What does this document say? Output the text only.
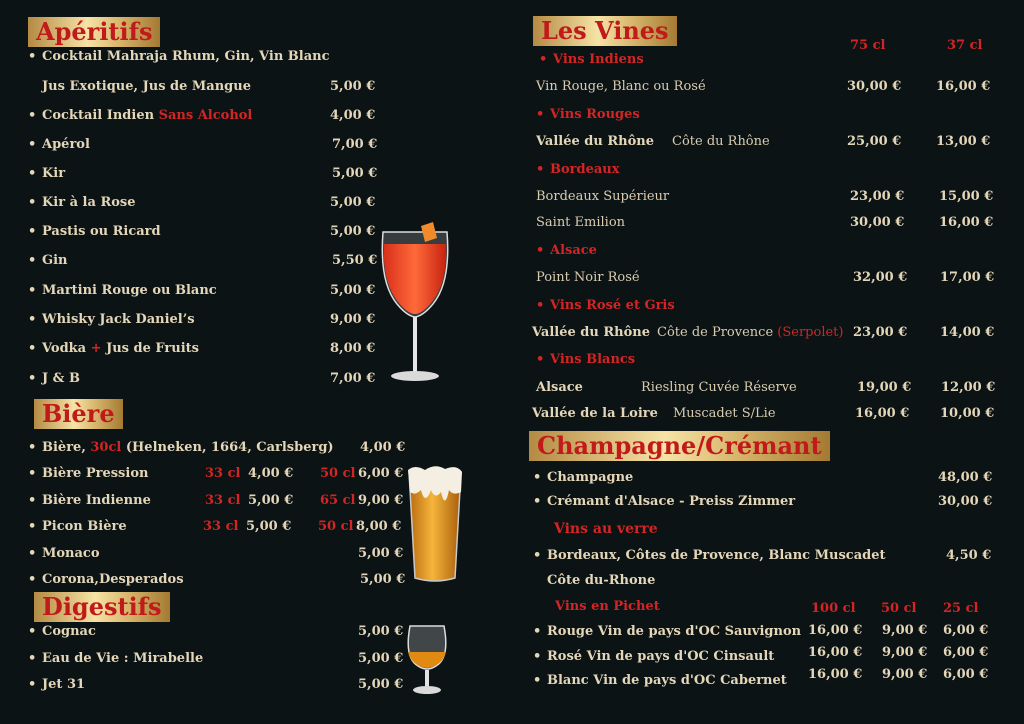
Apéritifs
• Cocktail Mahraja Rhum, Gin, Vin Blanc
Jus Exotique, Jus de Mangue	5,00 €
• Cocktail Indien Sans Alcohol	4,00 €
• Apérol	7,00 €
• Kir	5,00 €
• Kir à la Rose	5,00 €
• Pastis ou Ricard	5,00 €
• Gin	5,50 €
• Martini Rouge ou Blanc	5,00 €
• Whisky Jack Daniel’s	9,00 €
• Vodka + Jus de Fruits	8,00 €
• J & B	7,00 €
Bière
• Bière, 30cl (Helneken, 1664, Carlsberg) 4,00 €
• Bière Pression	33 cl 4,00 € 50 cl 6,00 €
• Bière Indienne	33 cl 5,00 € 65 cl 9,00 €
• Picon Bière	33 cl 5,00 € 50 cl 8,00 €
• Monaco	5,00 €
• Corona,Desperados	5,00 €
Digestifs
• Cognac	5,00 €
• Eau de Vie : Mirabelle	5,00 €
• Jet 31	5,00 €
Les Vines
75 cl	37 cl
• Vins Indiens
Vin Rouge, Blanc ou Rosé	30,00 €	16,00 €
• Vins Rouges
Vallée du Rhône Côte du Rhône	25,00 €	13,00 €
• Bordeaux
Bordeaux Supérieur	23,00 €	15,00 €
Saint Emilion	30,00 €	16,00 €
• Alsace
Point Noir Rosé	32,00 €	17,00 €
• Vins Rosé et Gris
Vallée du Rhône Côte de Provence (Serpolet) 23,00 €	14,00 €
• Vins Blancs
Alsace	Riesling Cuvée Réserve	19,00 € 12,00 €
Vallée de la Loire Muscadet S/Lie	16,00 € 10,00 €
Champagne/Crémant
• Champagne	48,00 €
• Crémant d'Alsace - Preiss Zimmer	30,00 €
Vins au verre
• Bordeaux, Côtes de Provence, Blanc Muscadet	4,50 €
Côte du-Rhone
Vins en Pichet	100 cl 50 cl 25 cl
• Rouge Vin de pays d'OC Sauvignon 16,00 € 9,00 € 6,00 €
• Rosé Vin de pays d'OC Cinsault	16,00 € 9,00 € 6,00 €
• Blanc Vin de pays d'OC Cabernet 16,00 € 9,00 € 6,00 €
